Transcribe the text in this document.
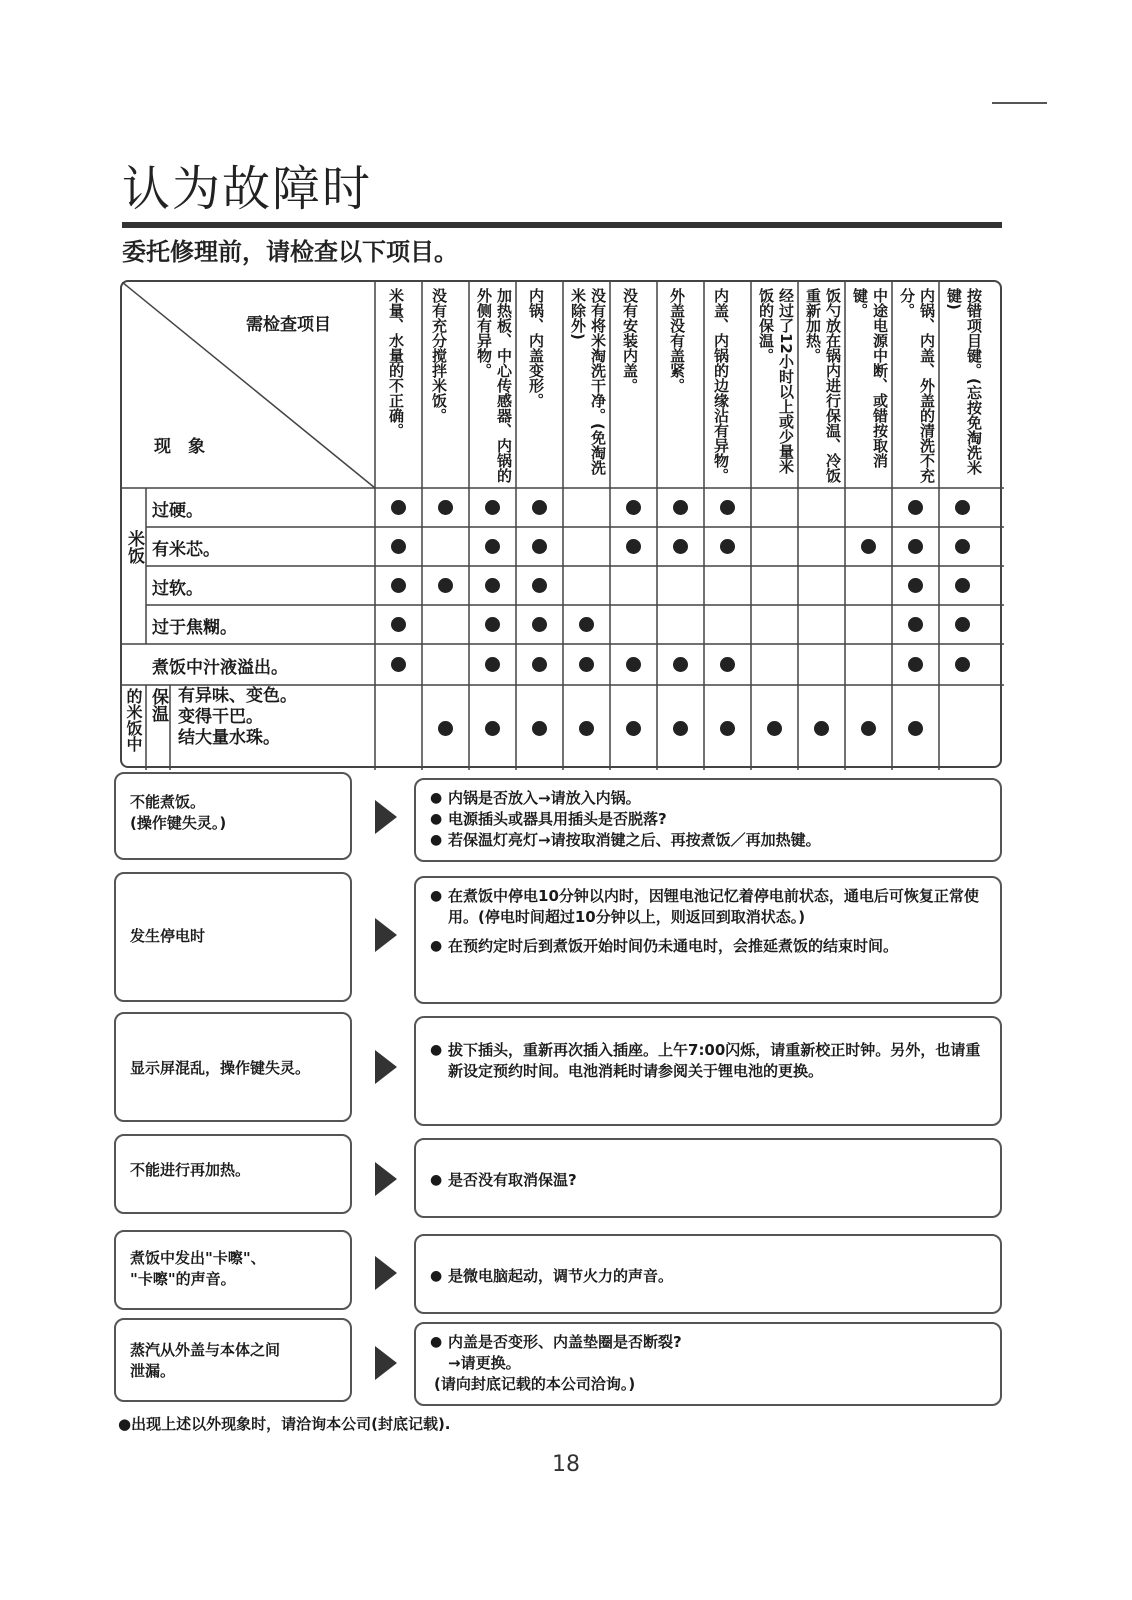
认为故障时
委托修理前，请检查以下项目。
需检查项目
现　象
米量、水量的不正确。 没有充分搅拌米饭。	加热板、中心传感器、内锅的外侧有异物。	内锅、内盖变形。	没有将米淘洗干净。(免淘洗米除外)	没有安装内盖。 外盖没有盖紧。 内盖、内锅的边缘沾有异物。	经过了12小时以上或少量米饭的保温。	饭勺放在锅内进行保温、冷饭重新加热。	中途电源中断、或错按取消键。	内锅、内盖、外盖的清洗不充分。	按错项目键。(忘按免淘洗米键)
米饭
保温
的米饭中
过硬。
有米芯。
过软。
过于焦糊。
煮饭中汁液溢出。
有异味、变色。
变得干巴。
结大量水珠。
不能煮饭。
(操作键失灵。)
● 内锅是否放入→请放入内锅。
● 电源插头或器具用插头是否脱落?
● 若保温灯亮灯→请按取消键之后、再按煮饭／再加热键。
发生停电时
● 在煮饭中停电10分钟以内时，因锂电池记忆着停电前状态，通电后可恢复正常使用。(停电时间超过10分钟以上，则返回到取消状态。)
● 在预约定时后到煮饭开始时间仍未通电时，会推延煮饭的结束时间。
显示屏混乱，操作键失灵。
● 拔下插头，重新再次插入插座。上午7:00闪烁，请重新校正时钟。另外，也请重新设定预约时间。电池消耗时请参阅关于锂电池的更换。
不能进行再加热。
● 是否没有取消保温?
煮饭中发出"卡嚓"、
"卡嚓"的声音。
●	是微电脑起动，调节火力的声音。
蒸汽从外盖与本体之间
泄漏。
● 内盖是否变形、内盖垫圈是否断裂?
→请更换。
(请向封底记载的本公司洽询。)
●出现上述以外现象时，请洽询本公司(封底记载).
18
